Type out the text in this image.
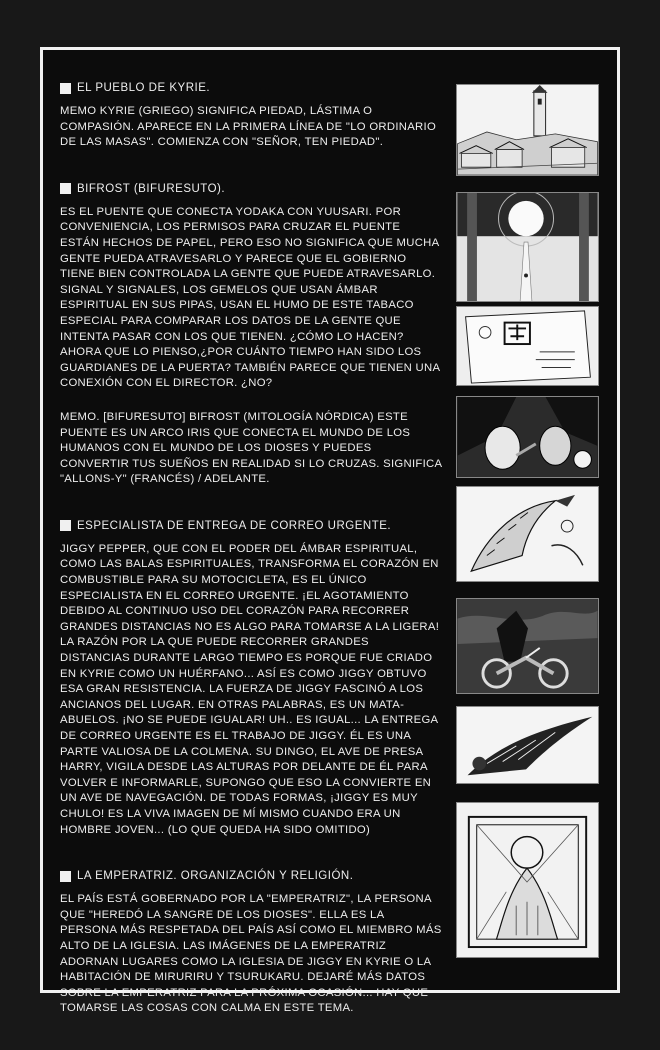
EL PUEBLO DE KYRIE.

MEMO KYRIE (GRIEGO) SIGNIFICA PIEDAD, LÁSTIMA O COMPASIÓN. APARECE EN LA PRIMERA LÍNEA DE "LO ORDINARIO DE LAS MASAS". COMIENZA CON "SEÑOR, TEN PIEDAD".

BIFROST (BIFURESUTO).

ES EL PUENTE QUE CONECTA YODAKA CON YUUSARI. POR CONVENIENCIA, LOS PERMISOS PARA CRUZAR EL PUENTE ESTÁN HECHOS DE PAPEL, PERO ESO NO SIGNIFICA QUE MUCHA GENTE PUEDA ATRAVESARLO Y PARECE QUE EL GOBIERNO TIENE BIEN CONTROLADA LA GENTE QUE PUEDE ATRAVESARLO. SIGNAL Y SIGNALES, LOS GEMELOS QUE USAN ÁMBAR ESPIRITUAL EN SUS PIPAS, USAN EL HUMO DE ESTE TABACO ESPECIAL PARA COMPARAR LOS DATOS DE LA GENTE QUE INTENTA PASAR CON LOS QUE TIENEN. ¿CÓMO LO HACEN? AHORA QUE LO PIENSO,¿POR CUÁNTO TIEMPO HAN SIDO LOS GUARDIANES DE LA PUERTA? TAMBIÉN PARECE QUE TIENEN UNA CONEXIÓN CON EL DIRECTOR. ¿NO?

MEMO. [BIFURESUTO] BIFROST (MITOLOGÍA NÓRDICA) ESTE PUENTE ES UN ARCO IRIS QUE CONECTA EL MUNDO DE LOS HUMANOS CON EL MUNDO DE LOS DIOSES Y PUEDES CONVERTIR TUS SUEÑOS EN REALIDAD SI LO CRUZAS. SIGNIFICA "ALLONS-Y" (FRANCÉS) / ADELANTE.

ESPECIALISTA DE ENTREGA DE CORREO URGENTE.

JIGGY PEPPER, QUE CON EL PODER DEL ÁMBAR ESPIRITUAL, COMO LAS BALAS ESPIRITUALES, TRANSFORMA EL CORAZÓN EN COMBUSTIBLE PARA SU MOTOCICLETA, ES EL ÚNICO ESPECIALISTA EN EL CORREO URGENTE. ¡EL AGOTAMIENTO DEBIDO AL CONTINUO USO DEL CORAZÓN PARA RECORRER GRANDES DISTANCIAS NO ES ALGO PARA TOMARSE A LA LIGERA! LA RAZÓN POR LA QUE PUEDE RECORRER GRANDES DISTANCIAS DURANTE LARGO TIEMPO ES PORQUE FUE CRIADO EN KYRIE COMO UN HUÉRFANO... ASÍ ES COMO JIGGY OBTUVO ESA GRAN RESISTENCIA. LA FUERZA DE JIGGY FASCINÓ A LOS ANCIANOS DEL LUGAR. EN OTRAS PALABRAS, ES UN MATA-ABUELOS. ¡NO SE PUEDE IGUALAR! UH.. ES IGUAL... LA ENTREGA DE CORREO URGENTE ES EL TRABAJO DE JIGGY. ÉL ES UNA PARTE VALIOSA DE LA COLMENA. SU DINGO, EL AVE DE PRESA HARRY, VIGILA DESDE LAS ALTURAS POR DELANTE DE ÉL PARA VOLVER E INFORMARLE, SUPONGO QUE ESO LA CONVIERTE EN UN AVE DE NAVEGACIÓN. DE TODAS FORMAS, ¡JIGGY ES MUY CHULO! ES LA VIVA IMAGEN DE MÍ MISMO CUANDO ERA UN HOMBRE JOVEN... (LO QUE QUEDA HA SIDO OMITIDO)

LA EMPERATRIZ. ORGANIZACIÓN Y RELIGIÓN.

EL PAÍS ESTÁ GOBERNADO POR LA "EMPERATRIZ", LA PERSONA QUE "HEREDÓ LA SANGRE DE LOS DIOSES". ELLA ES LA PERSONA MÁS RESPETADA DEL PAÍS ASÍ COMO EL MIEMBRO MÁS ALTO DE LA IGLESIA. LAS IMÁGENES DE LA EMPERATRIZ ADORNAN LUGARES COMO LA IGLESIA DE JIGGY EN KYRIE O LA HABITACIÓN DE MIRURIRU Y TSURUKARU. DEJARÉ MÁS DATOS SOBRE LA EMPERATRIZ PARA LA PRÓXIMA OCASIÓN... HAY QUE TOMARSE LAS COSAS CON CALMA EN ESTE TEMA.
